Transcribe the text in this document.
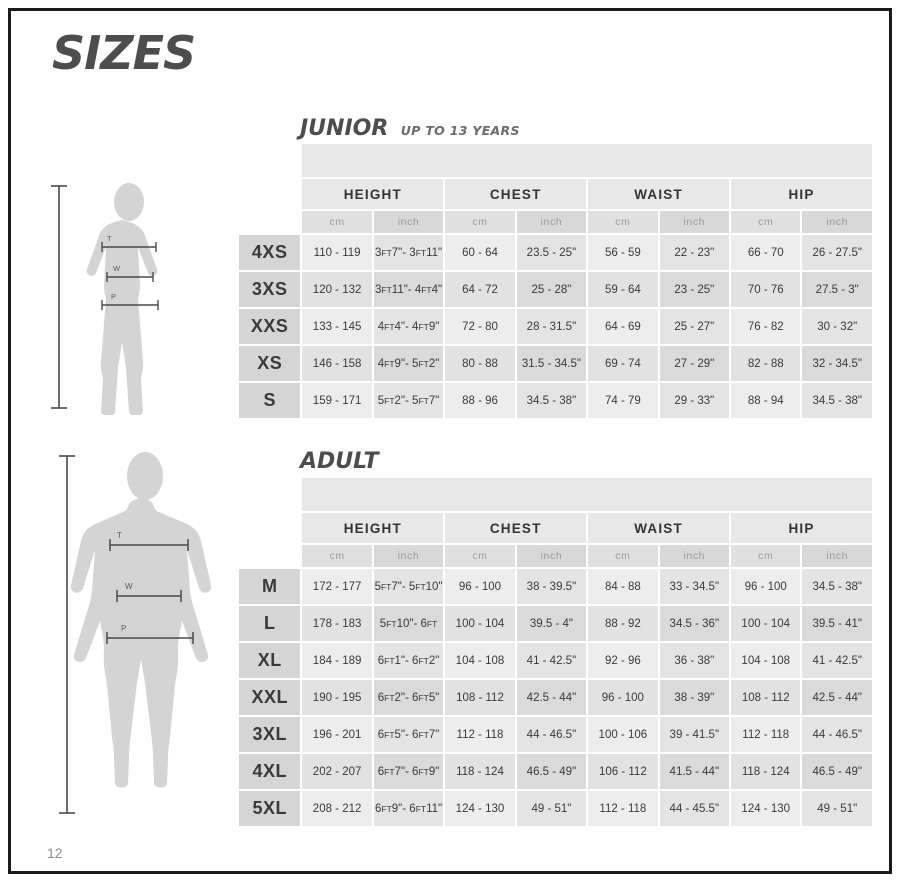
SIZES
12
T
W
P
T
W
P
JUNIOR UP TO 13 YEARS

	HEIGHT		CHEST		WAIST		HIP	
	cm	inch	cm	inch	cm	inch	cm	inch
4XS	110 - 119	3FT7"- 3FT11"	60 - 64	23.5 - 25"	56 - 59	22 - 23"	66 - 70	26 - 27.5"
3XS	120 - 132	3FT11"- 4FT4"	64 - 72	25 - 28"	59 - 64	23 - 25"	70 - 76	27.5 - 3"
XXS	133 - 145	4FT4"- 4FT9"	72 - 80	28 - 31.5"	64 - 69	25 - 27"	76 - 82	30 - 32"
XS	146 - 158	4FT9"- 5FT2"	80 - 88	31.5 - 34.5"	69 - 74	27 - 29"	82 - 88	32 - 34.5"
S	159 - 171	5FT2"- 5FT7"	88 - 96	34.5 - 38"	74 - 79	29 - 33"	88 - 94	34.5 - 38"
ADULT

	HEIGHT		CHEST		WAIST		HIP	
	cm	inch	cm	inch	cm	inch	cm	inch
M	172 - 177	5FT7"- 5FT10"	96 - 100	38 - 39.5"	84 - 88	33 - 34.5"	96 - 100	34.5 - 38"
L	178 - 183	5FT10"- 6FT	100 - 104	39.5 - 4"	88 - 92	34.5 - 36"	100 - 104	39.5 - 41"
XL	184 - 189	6FT1"- 6FT2"	104 - 108	41 - 42.5"	92 - 96	36 - 38"	104 - 108	41 - 42.5"
XXL	190 - 195	6FT2"- 6FT5"	108 - 112	42.5 - 44"	96 - 100	38 - 39"	108 - 112	42.5 - 44"
3XL	196 - 201	6FT5"- 6FT7"	112 - 118	44 - 46.5"	100 - 106	39 - 41.5"	112 - 118	44 - 46.5"
4XL	202 - 207	6FT7"- 6FT9"	118 - 124	46.5 - 49"	106 - 112	41.5 - 44"	118 - 124	46.5 - 49"
5XL	208 - 212	6FT9"- 6FT11"	124 - 130	49 - 51"	112 - 118	44 - 45.5"	124 - 130	49 - 51"
